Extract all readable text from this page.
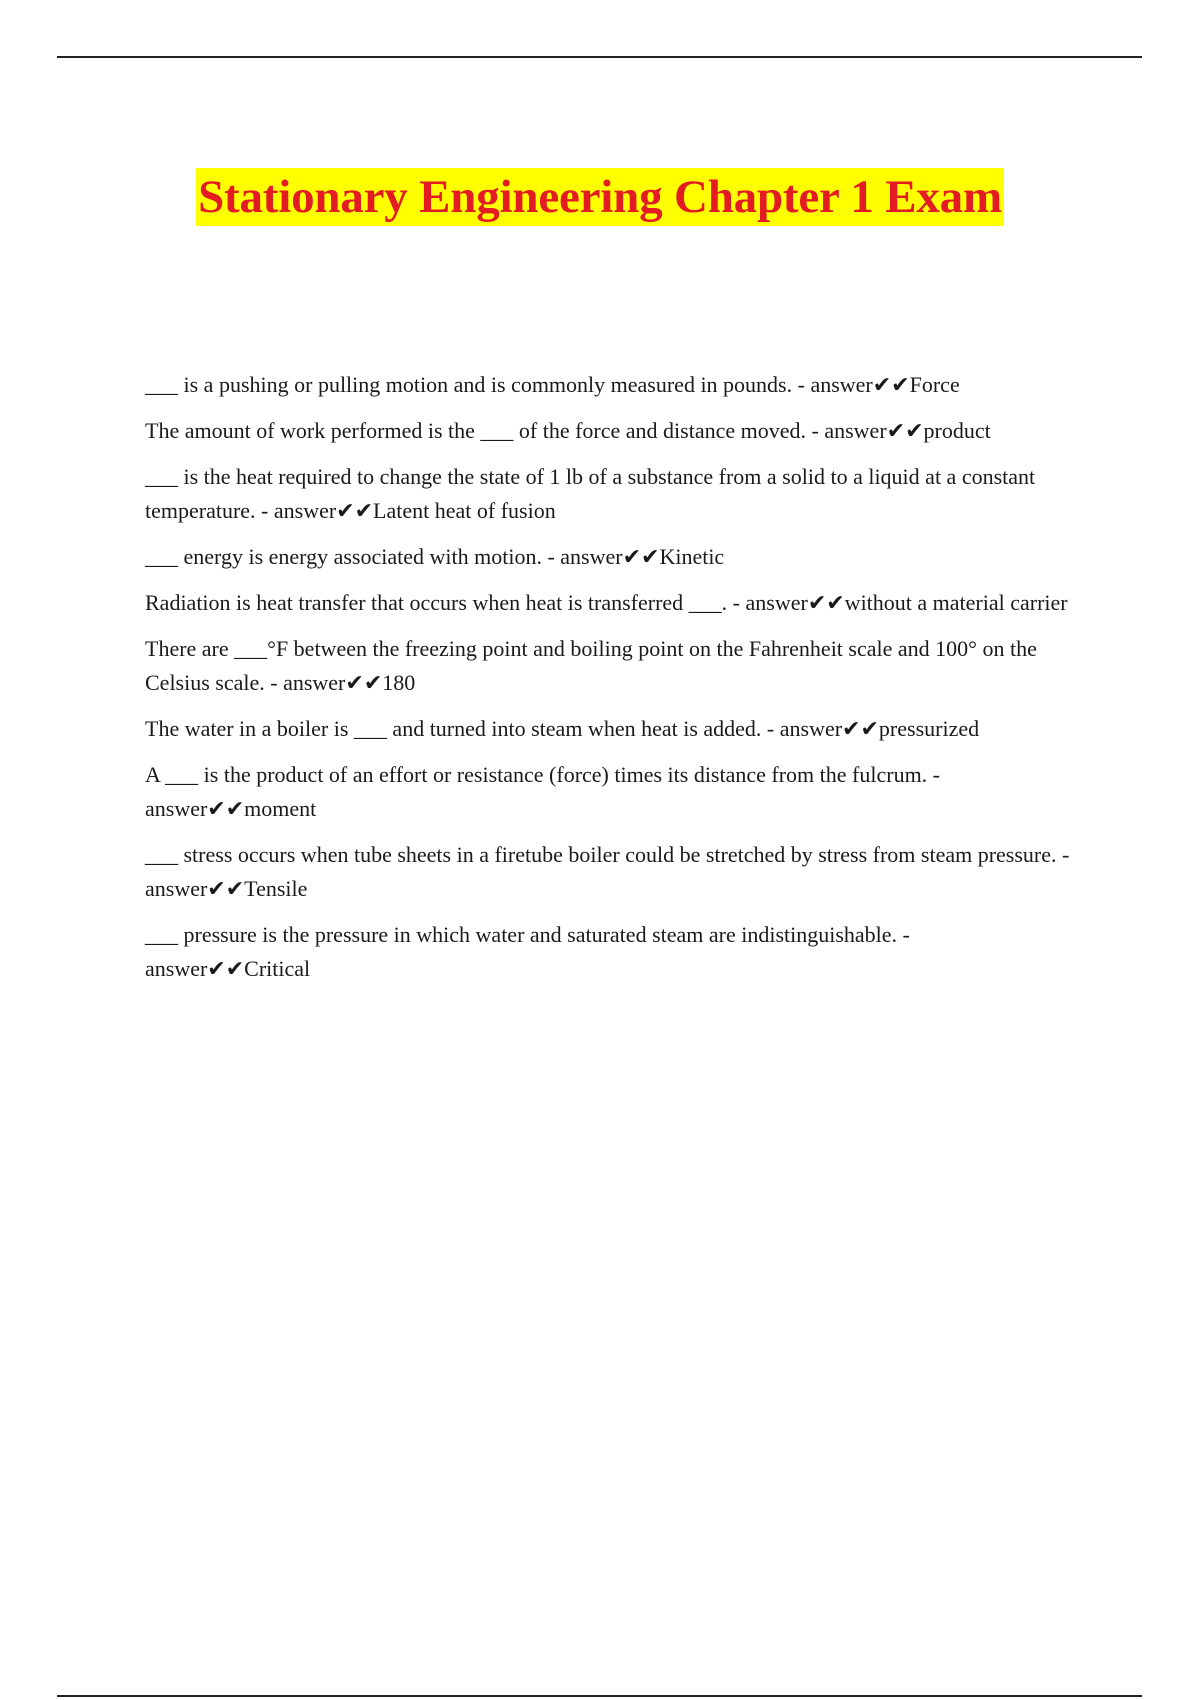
Stationary Engineering Chapter 1 Exam
___ is a pushing or pulling motion and is commonly measured in pounds. - answer✔✔Force
The amount of work performed is the ___ of the force and distance moved. - answer✔✔product
___ is the heat required to change the state of 1 lb of a substance from a solid to a liquid at a constant temperature. - answer✔✔Latent heat of fusion
___ energy is energy associated with motion. - answer✔✔Kinetic
Radiation is heat transfer that occurs when heat is transferred ___. - answer✔✔without a material carrier
There are ___°F between the freezing point and boiling point on the Fahrenheit scale and 100° on the Celsius scale. - answer✔✔180
The water in a boiler is ___ and turned into steam when heat is added. - answer✔✔pressurized
A ___ is the product of an effort or resistance (force) times its distance from the fulcrum. - answer✔✔moment
___ stress occurs when tube sheets in a firetube boiler could be stretched by stress from steam pressure. - answer✔✔Tensile
___ pressure is the pressure in which water and saturated steam are indistinguishable. - answer✔✔Critical
